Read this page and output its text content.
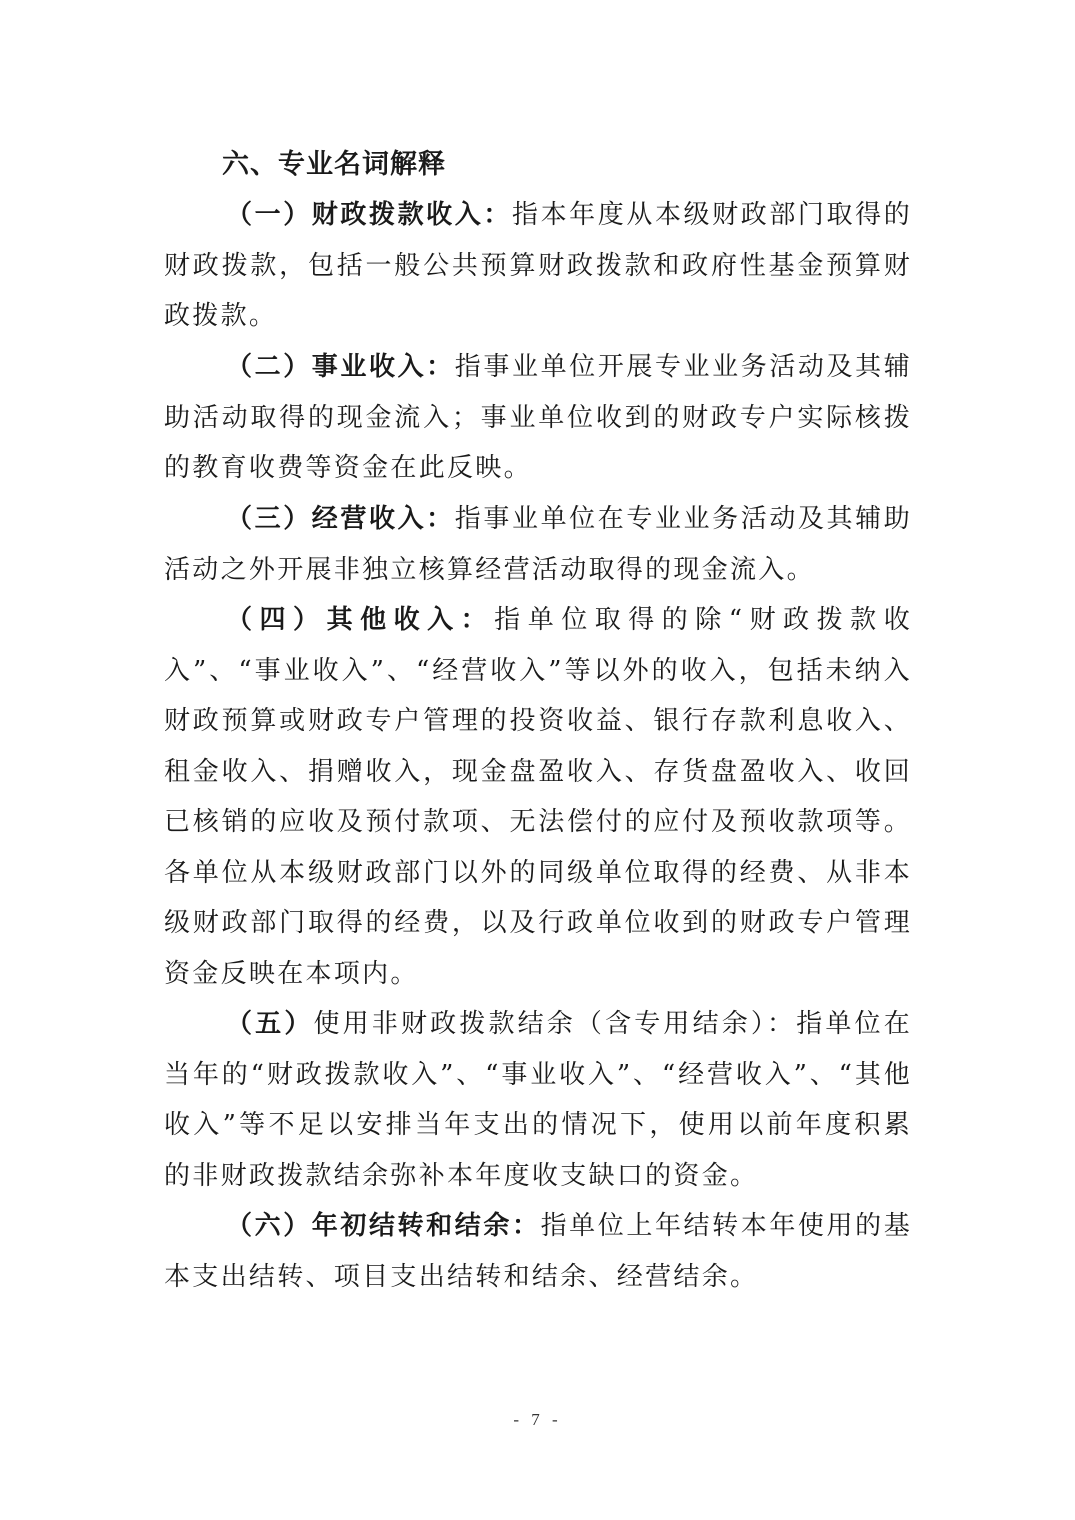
六、专业名词解释

（一）财政拨款收入：指本年度从本级财政部门取得的财政拨款，包括一般公共预算财政拨款和政府性基金预算财政拨款。

（二）事业收入：指事业单位开展专业业务活动及其辅助活动取得的现金流入；事业单位收到的财政专户实际核拨的教育收费等资金在此反映。

（三）经营收入：指事业单位在专业业务活动及其辅助活动之外开展非独立核算经营活动取得的现金流入。

（四）其他收入：指单位取得的除“财政拨款收入”、“事业收入”、“经营收入”等以外的收入，包括未纳入财政预算或财政专户管理的投资收益、银行存款利息收入、租金收入、捐赠收入，现金盘盈收入、存货盘盈收入、收回已核销的应收及预付款项、无法偿付的应付及预收款项等。各单位从本级财政部门以外的同级单位取得的经费、从非本级财政部门取得的经费，以及行政单位收到的财政专户管理资金反映在本项内。

（五）使用非财政拨款结余（含专用结余）：指单位在当年的“财政拨款收入”、“事业收入”、“经营收入”、“其他收入”等不足以安排当年支出的情况下，使用以前年度积累的非财政拨款结余弥补本年度收支缺口的资金。

（六）年初结转和结余：指单位上年结转本年使用的基本支出结转、项目支出结转和结余、经营结余。

- 7 -
